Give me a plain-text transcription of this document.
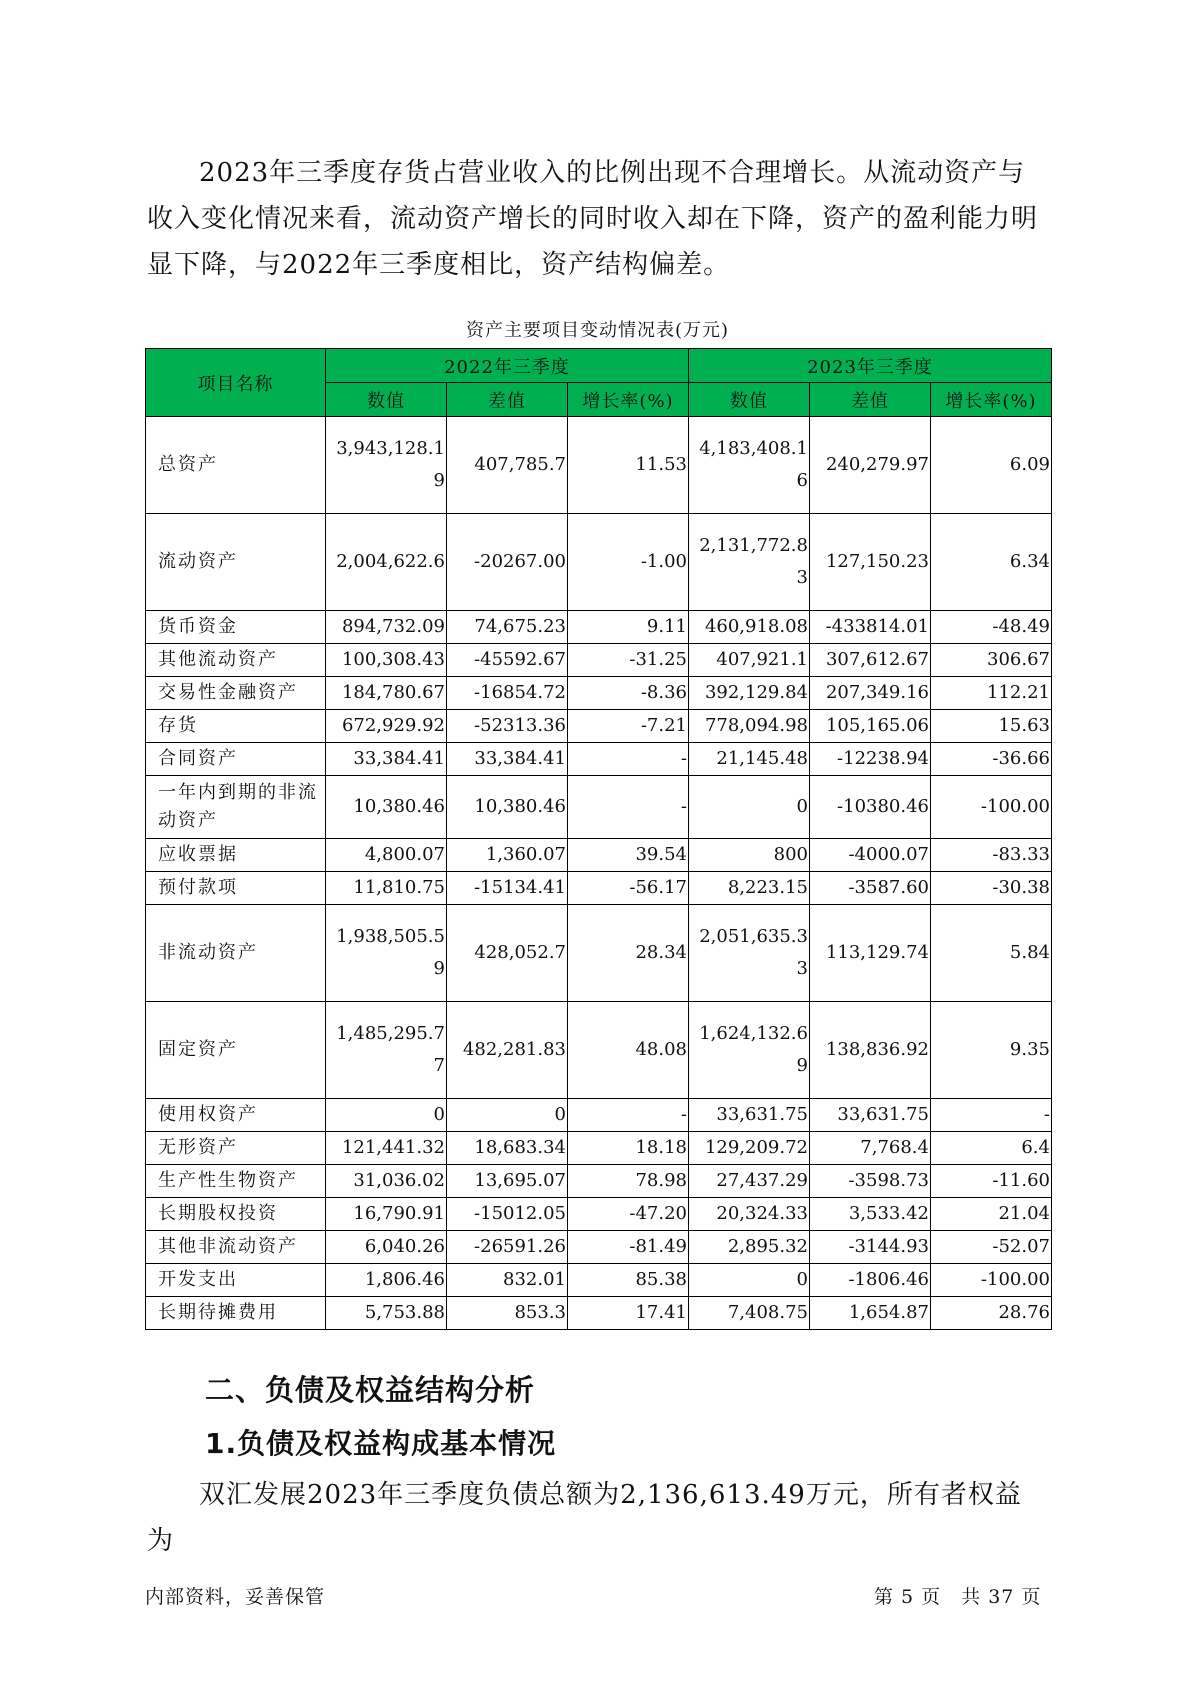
2023年三季度存货占营业收入的比例出现不合理增长。从流动资产与收入变化情况来看，流动资产增长的同时收入却在下降，资产的盈利能力明显下降，与2022年三季度相比，资产结构偏差。

资产主要项目变动情况表(万元)
项目名称	2022年三季度			2023年三季度		
	数值	差值	增长率(%)	数值	差值	增长率(%)
总资产	3,943,128.19	407,785.7	11.53	4,183,408.16	240,279.97	6.09
流动资产	2,004,622.6	-20267.00	-1.00	2,131,772.83	127,150.23	6.34
货币资金	894,732.09	74,675.23	9.11	460,918.08	-433814.01	-48.49
其他流动资产	100,308.43	-45592.67	-31.25	407,921.1	307,612.67	306.67
交易性金融资产	184,780.67	-16854.72	-8.36	392,129.84	207,349.16	112.21
存货	672,929.92	-52313.36	-7.21	778,094.98	105,165.06	15.63
合同资产	33,384.41	33,384.41	-	21,145.48	-12238.94	-36.66
一年内到期的非流动资产	10,380.46	10,380.46	-	0	-10380.46	-100.00
应收票据	4,800.07	1,360.07	39.54	800	-4000.07	-83.33
预付款项	11,810.75	-15134.41	-56.17	8,223.15	-3587.60	-30.38
非流动资产	1,938,505.59	428,052.7	28.34	2,051,635.33	113,129.74	5.84
固定资产	1,485,295.77	482,281.83	48.08	1,624,132.69	138,836.92	9.35
使用权资产	0	0	-	33,631.75	33,631.75	-
无形资产	121,441.32	18,683.34	18.18	129,209.72	7,768.4	6.4
生产性生物资产	31,036.02	13,695.07	78.98	27,437.29	-3598.73	-11.60
长期股权投资	16,790.91	-15012.05	-47.20	20,324.33	3,533.42	21.04
其他非流动资产	6,040.26	-26591.26	-81.49	2,895.32	-3144.93	-52.07
开发支出	1,806.46	832.01	85.38	0	-1806.46	-100.00
长期待摊费用	5,753.88	853.3	17.41	7,408.75	1,654.87	28.76
二、负债及权益结构分析
1.负债及权益构成基本情况

双汇发展2023年三季度负债总额为2,136,613.49万元，所有者权益为

内部资料，妥善保管	第 5 页　共 37 页
